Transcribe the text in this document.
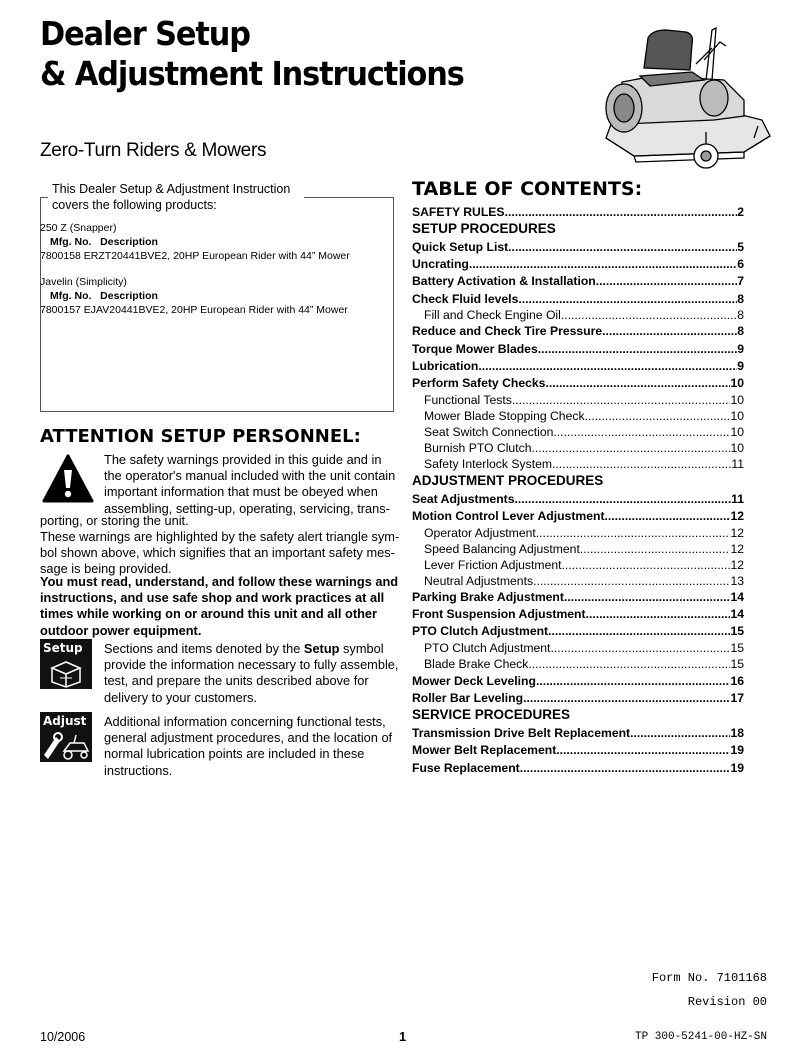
Dealer Setup
& Adjustment Instructions
Zero-Turn Riders & Mowers
This Dealer Setup & Adjustment Instruction covers the following products:
250 Z (Snapper)
Mfg. No. Description
7800158 ERZT20441BVE2, 20HP European Rider with 44” Mower
Javelin (Simplicity)
Mfg. No. Description
7800157 EJAV20441BVE2, 20HP European Rider with 44” Mower
ATTENTION SETUP PERSONNEL:
The safety warnings provided in this guide and in
the operator's manual included with the unit contain
important information that must be obeyed when
assembling, setting-up, operating, servicing, trans-
porting, or storing the unit.
These warnings are highlighted by the safety alert triangle sym-
bol shown above, which signifies that an important safety mes-
sage is being provided.
You must read, understand, and follow these warnings and
instructions, and use safe shop and work practices at all
times while working on or around this unit and all other
outdoor power equipment.
Setup	Sections and items denoted by the Setup symbol
provide the information necessary to fully assemble,
test, and prepare the units described above for
delivery to your customers.
Adjust	Additional information concerning functional tests,
general adjustment procedures, and the location of
normal lubrication points are included in these
instructions.
TABLE OF CONTENTS:
SAFETY RULES .....	2
SETUP PROCEDURES
Quick Setup List .....	5
Uncrating .....	6
Battery Activation & Installation .....	7
Check Fluid levels .....	8
Fill and Check Engine Oil .....	8
Reduce and Check Tire Pressure .....	8
Torque Mower Blades .....	9
Lubrication .....	9
Perform Safety Checks .....	10
Functional Tests .....	10
Mower Blade Stopping Check .....	10
Seat Switch Connection .....	10
Burnish PTO Clutch .....	10
Safety Interlock System .....	11
ADJUSTMENT PROCEDURES
Seat Adjustments .....	11
Motion Control Lever Adjustment .....	12
Operator Adjustment .....	12
Speed Balancing Adjustment .....	12
Lever Friction Adjustment .....	12
Neutral Adjustments .....	13
Parking Brake Adjustment .....	14
Front Suspension Adjustment .....	14
PTO Clutch Adjustment .....	15
PTO Clutch Adjustment .....	15
Blade Brake Check .....	15
Mower Deck Leveling .....	16
Roller Bar Leveling .....	17
SERVICE PROCEDURES
Transmission Drive Belt Replacement .....	18
Mower Belt Replacement .....	19
Fuse Replacement .....	19
Form No. 7101168
Revision 00
10/2006	1	TP 300-5241-00-HZ-SN
